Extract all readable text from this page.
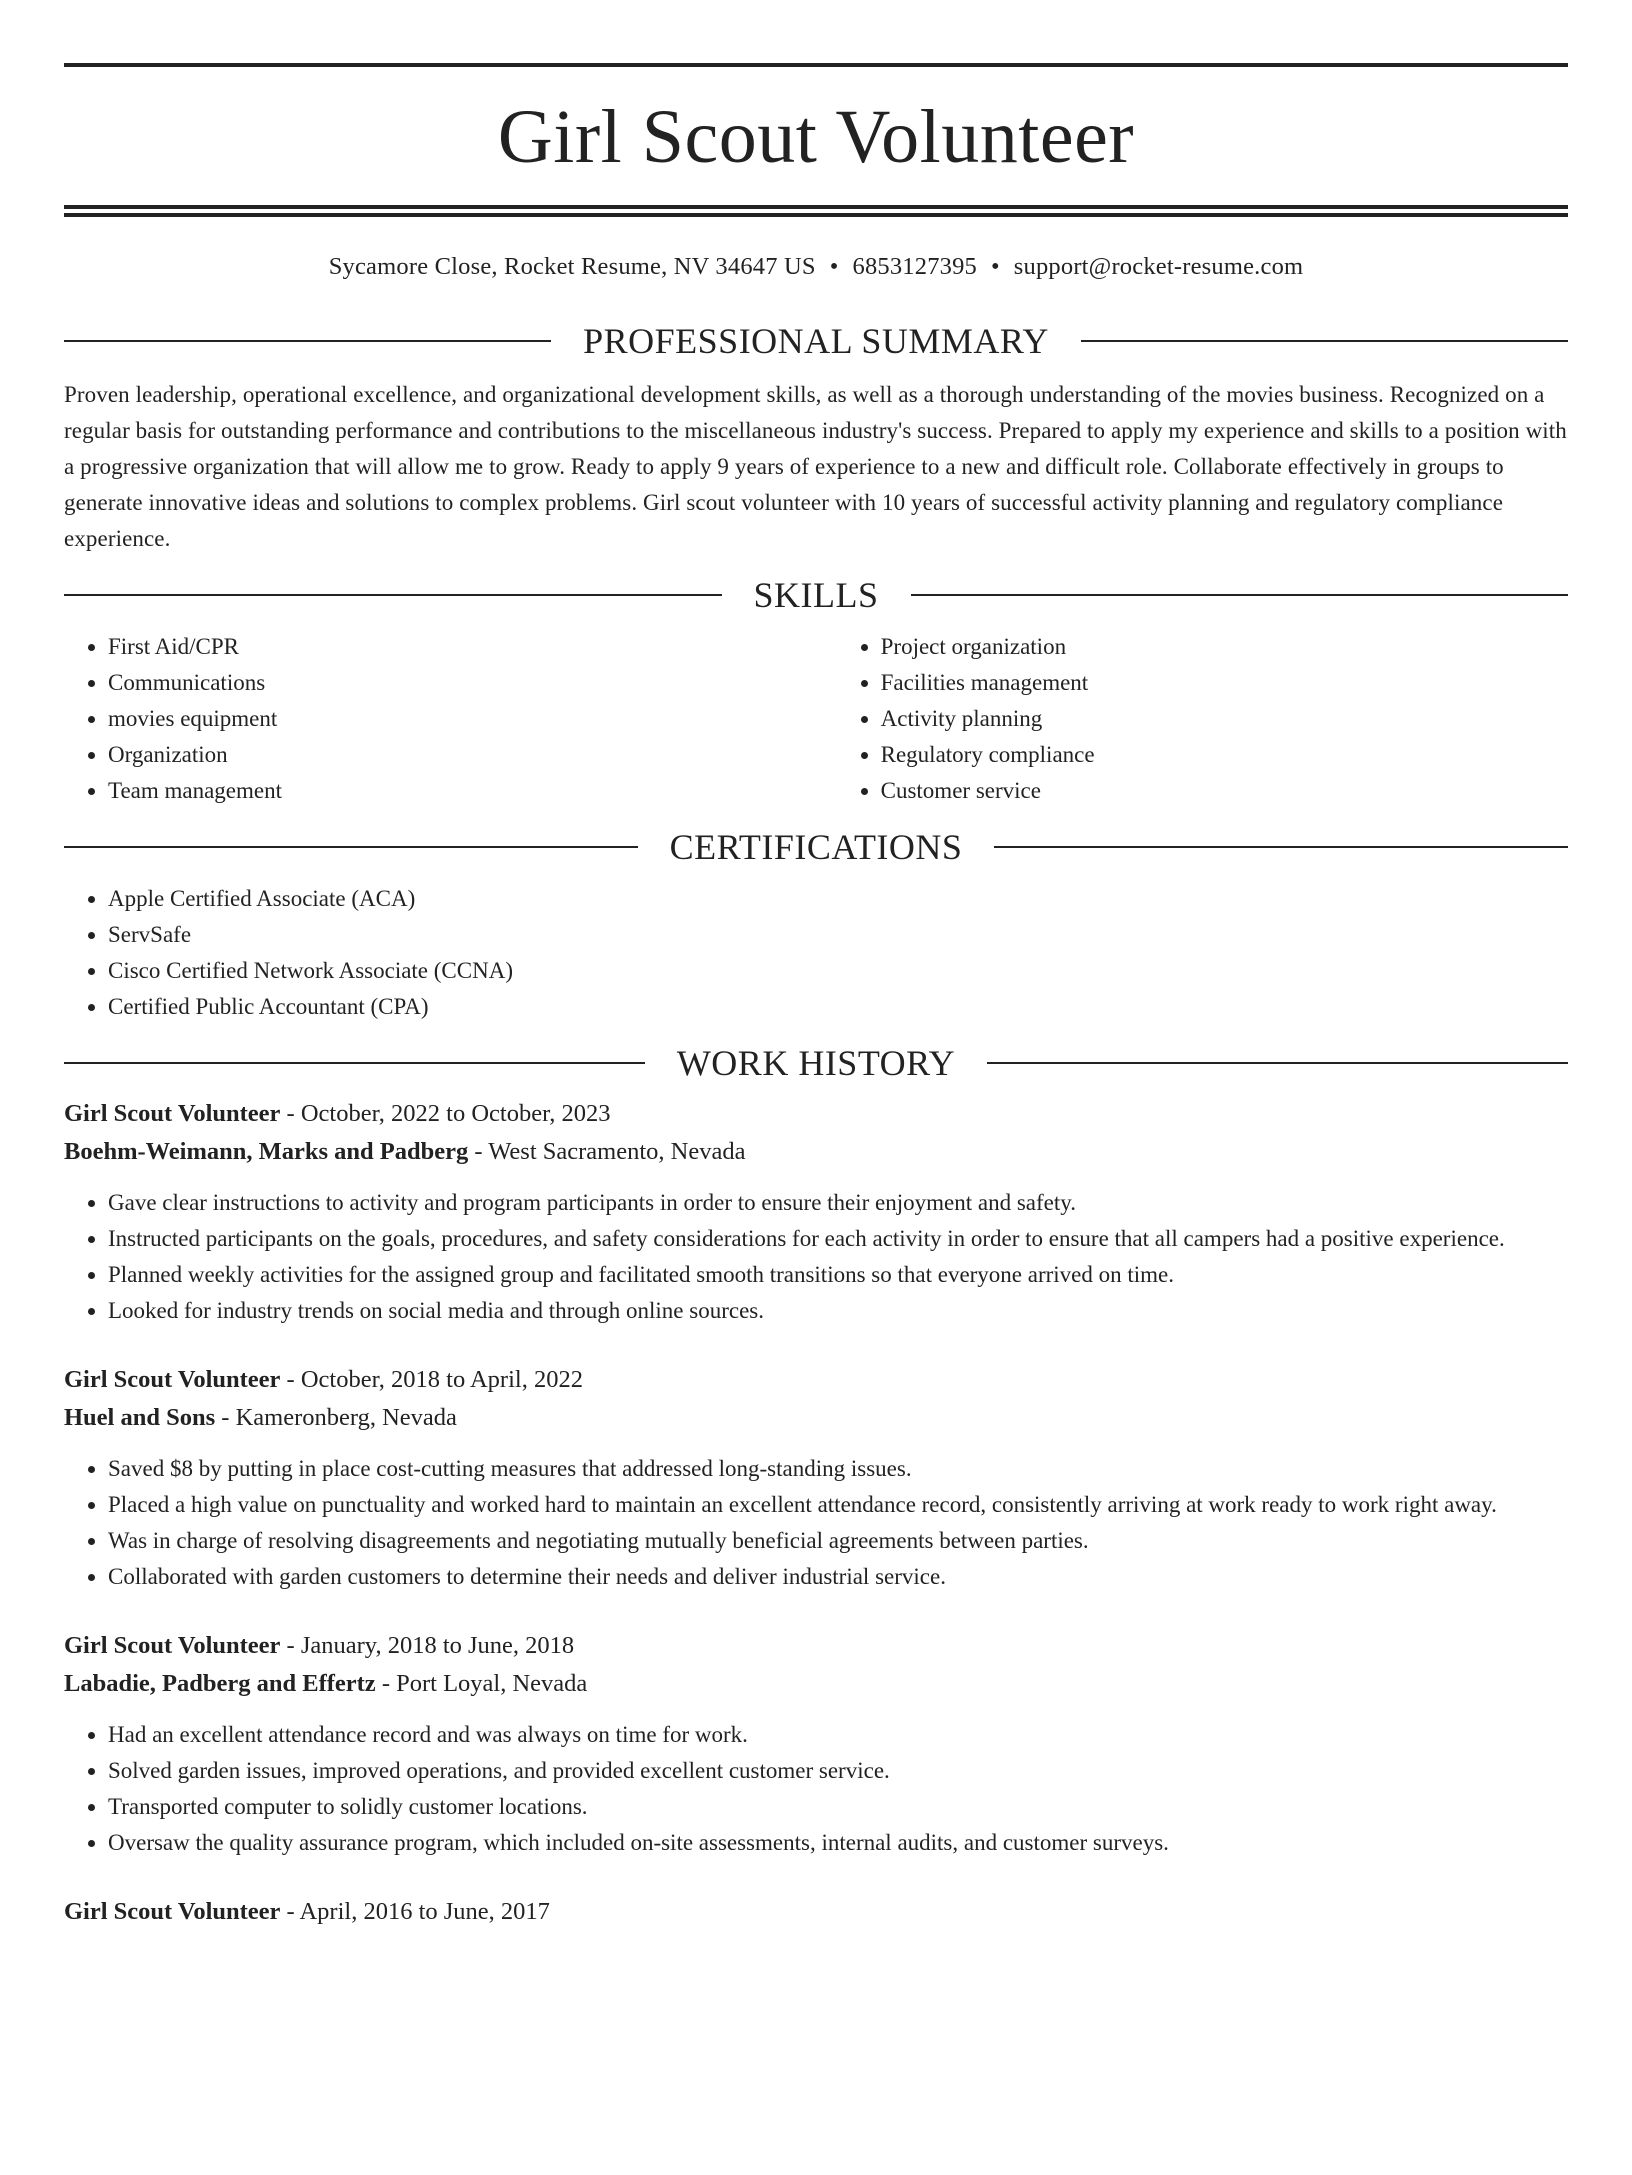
Girl Scout Volunteer
Sycamore Close, Rocket Resume, NV 34647 US • 6853127395 • support@rocket-resume.com
PROFESSIONAL SUMMARY

Proven leadership, operational excellence, and organizational development skills, as well as a thorough understanding of the movies business. Recognized on a regular basis for outstanding performance and contributions to the miscellaneous industry's success. Prepared to apply my experience and skills to a position with a progressive organization that will allow me to grow. Ready to apply 9 years of experience to a new and difficult role. Collaborate effectively in groups to generate innovative ideas and solutions to complex problems. Girl scout volunteer with 10 years of successful activity planning and regulatory compliance experience.

SKILLS
• First Aid/CPR
• Communications
• movies equipment
• Organization
• Team management
• Project organization
• Facilities management
• Activity planning
• Regulatory compliance
• Customer service
CERTIFICATIONS
• Apple Certified Associate (ACA)
• ServSafe
• Cisco Certified Network Associate (CCNA)
• Certified Public Accountant (CPA)
WORK HISTORY

Girl Scout Volunteer - October, 2022 to October, 2023

Boehm-Weimann, Marks and Padberg - West Sacramento, Nevada

• Gave clear instructions to activity and program participants in order to ensure their enjoyment and safety.
• Instructed participants on the goals, procedures, and safety considerations for each activity in order to ensure that all campers had a positive experience.
• Planned weekly activities for the assigned group and facilitated smooth transitions so that everyone arrived on time.
• Looked for industry trends on social media and through online sources.

Girl Scout Volunteer - October, 2018 to April, 2022

Huel and Sons - Kameronberg, Nevada

• Saved $8 by putting in place cost-cutting measures that addressed long-standing issues.
• Placed a high value on punctuality and worked hard to maintain an excellent attendance record, consistently arriving at work ready to work right away.
• Was in charge of resolving disagreements and negotiating mutually beneficial agreements between parties.
• Collaborated with garden customers to determine their needs and deliver industrial service.

Girl Scout Volunteer - January, 2018 to June, 2018

Labadie, Padberg and Effertz - Port Loyal, Nevada

• Had an excellent attendance record and was always on time for work.
• Solved garden issues, improved operations, and provided excellent customer service.
• Transported computer to solidly customer locations.
• Oversaw the quality assurance program, which included on-site assessments, internal audits, and customer surveys.

Girl Scout Volunteer - April, 2016 to June, 2017
